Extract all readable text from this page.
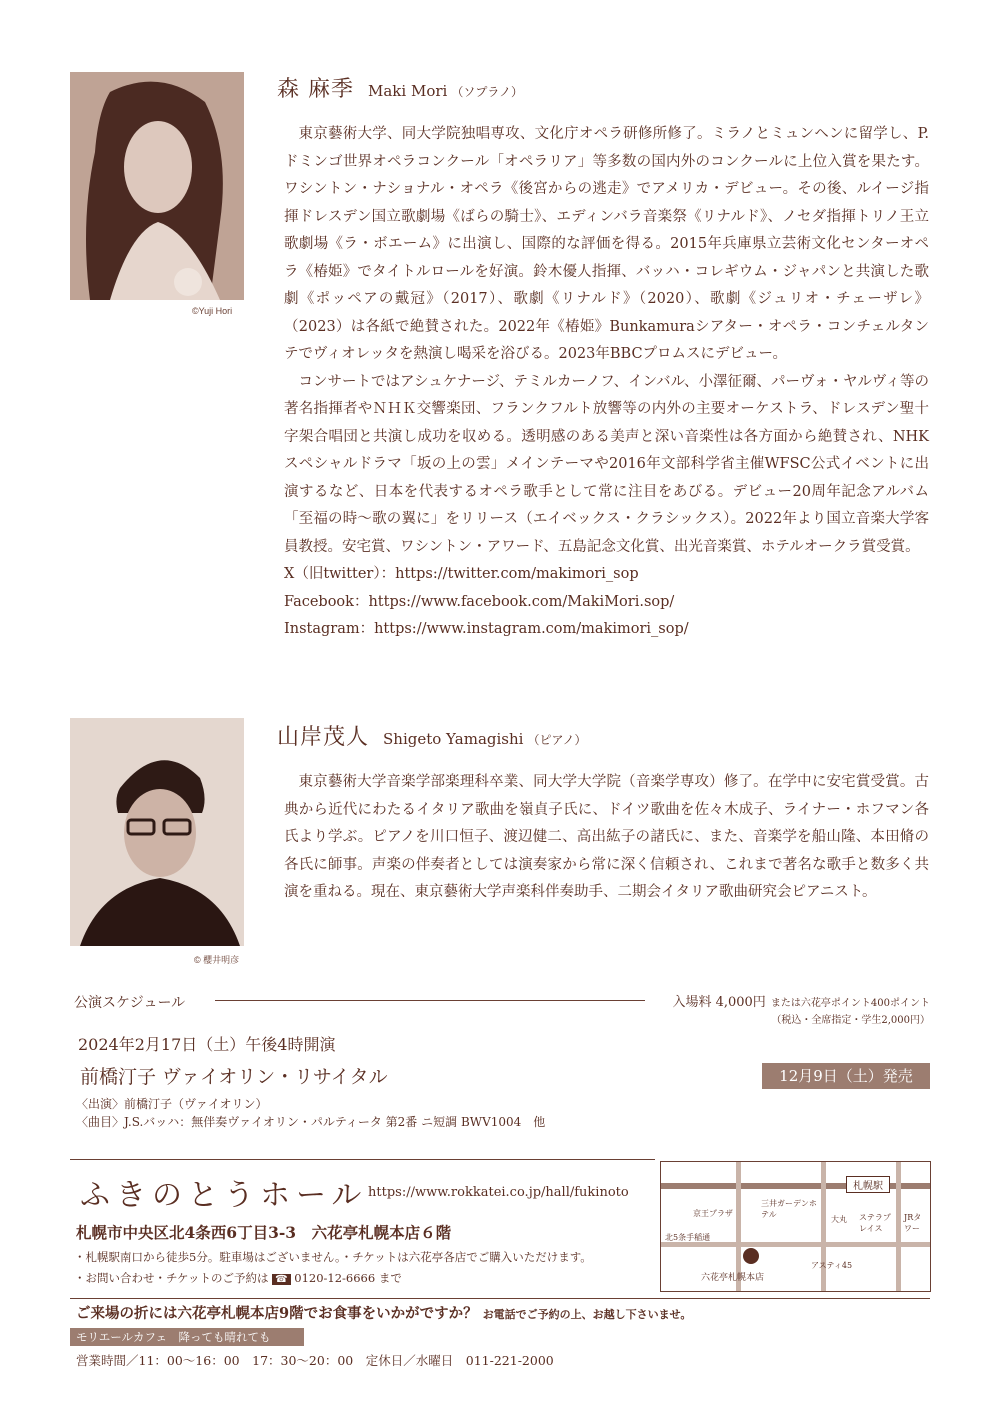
©Yuji Hori
森 麻季 Maki Mori （ソプラノ）

東京藝術大学、同大学院独唱専攻、文化庁オペラ研修所修了。ミラノとミュンヘンに留学し、P.ドミンゴ世界オペラコンクール「オペラリア」等多数の国内外のコンクールに上位入賞を果たす。ワシントン・ナショナル・オペラ《後宮からの逃走》でアメリカ・デビュー。その後、ルイージ指揮ドレスデン国立歌劇場《ばらの騎士》、エディンバラ音楽祭《リナルド》、ノセダ指揮トリノ王立歌劇場《ラ・ボエーム》に出演し、国際的な評価を得る。2015年兵庫県立芸術文化センターオペラ《椿姫》でタイトルロールを好演。鈴木優人指揮、バッハ・コレギウム・ジャパンと共演した歌劇《ポッペアの戴冠》（2017）、歌劇《リナルド》（2020）、歌劇《ジュリオ・チェーザレ》（2023）は各紙で絶賛された。2022年《椿姫》Bunkamuraシアター・オペラ・コンチェルタンテでヴィオレッタを熱演し喝采を浴びる。2023年BBCプロムスにデビュー。

コンサートではアシュケナージ、テミルカーノフ、インバル、小澤征爾、パーヴォ・ヤルヴィ等の著名指揮者やＮＨＫ交響楽団、フランクフルト放響等の内外の主要オーケストラ、ドレスデン聖十字架合唱団と共演し成功を収める。透明感のある美声と深い音楽性は各方面から絶賛され、NHKスペシャルドラマ「坂の上の雲」メインテーマや2016年文部科学省主催WFSC公式イベントに出演するなど、日本を代表するオペラ歌手として常に注目をあびる。デビュー20周年記念アルバム「至福の時～歌の翼に」をリリース（エイベックス・クラシックス）。2022年より国立音楽大学客員教授。安宅賞、ワシントン・アワード、五島記念文化賞、出光音楽賞、ホテルオークラ賞受賞。

X（旧twitter）：https://twitter.com/makimori_sop
Facebook：https://www.facebook.com/MakiMori.sop/
Instagram：https://www.instagram.com/makimori_sop/
© 櫻井明彦
山岸茂人 Shigeto Yamagishi （ピアノ）

東京藝術大学音楽学部楽理科卒業、同大学大学院（音楽学専攻）修了。在学中に安宅賞受賞。古典から近代にわたるイタリア歌曲を嶺貞子氏に、ドイツ歌曲を佐々木成子、ライナー・ホフマン各氏より学ぶ。ピアノを川口恒子、渡辺健二、高出紘子の諸氏に、また、音楽学を船山隆、本田脩の各氏に師事。声楽の伴奏者としては演奏家から常に深く信頼され、これまで著名な歌手と数多く共演を重ねる。現在、東京藝術大学声楽科伴奏助手、二期会イタリア歌曲研究会ピアニスト。

公演スケジュール	入場料 4,000円 または六花亭ポイント400ポイント
（税込・全席指定・学生2,000円）
2024年2月17日（土）午後4時開演
前橋汀子 ヴァイオリン・リサイタル	12月9日（土）発売
〈出演〉前橋汀子（ヴァイオリン）
〈曲目〉J.S.バッハ：無伴奏ヴァイオリン・パルティータ 第2番 ニ短調 BWV1004　他
ふきのとうホール https://www.rokkatei.co.jp/hall/fukinoto
札幌市中央区北4条西6丁目3-3　六花亭札幌本店６階
・札幌駅南口から徒歩5分。駐車場はございません。・チケットは六花亭各店でご購入いただけます。
・お問い合わせ・チケットのご予約は ☎ 0120-12-6666 まで
札幌駅
京王プラザ
三井ガーデンホテル
大丸 ステラプレイス
JRタワー
北5条手稲通
アスティ45
六花亭札幌本店
ご来場の折には六花亭札幌本店9階でお食事をいかがですか？ お電話でご予約の上、お越し下さいませ。
モリエールカフェ　降っても晴れても
営業時間／11：00～16：00　17：30～20：00　定休日／水曜日　011-221-2000
